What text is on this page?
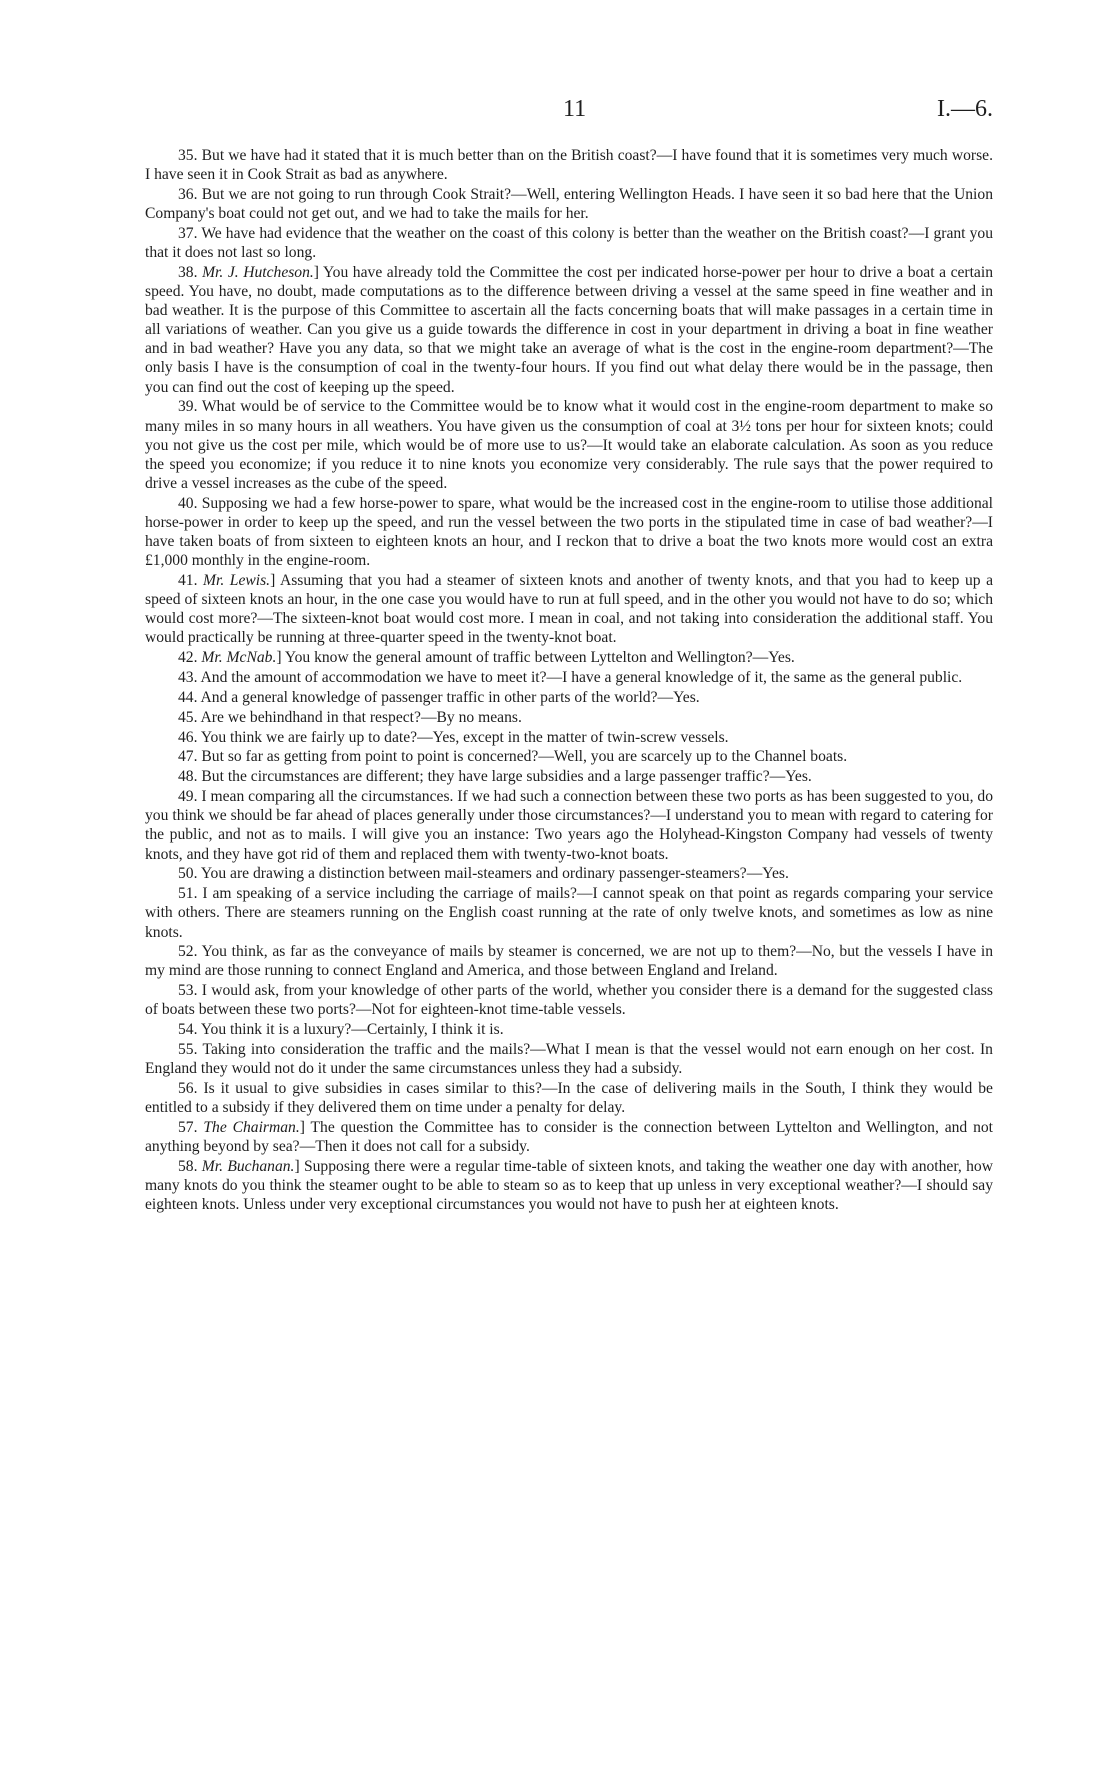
11	I.—6.

35. But we have had it stated that it is much better than on the British coast?—I have found that it is sometimes very much worse. I have seen it in Cook Strait as bad as anywhere.

36. But we are not going to run through Cook Strait?—Well, entering Wellington Heads. I have seen it so bad here that the Union Company's boat could not get out, and we had to take the mails for her.

37. We have had evidence that the weather on the coast of this colony is better than the weather on the British coast?—I grant you that it does not last so long.

38. Mr. J. Hutcheson.] You have already told the Committee the cost per indicated horse-power per hour to drive a boat a certain speed. You have, no doubt, made computations as to the difference between driving a vessel at the same speed in fine weather and in bad weather. It is the purpose of this Committee to ascertain all the facts concerning boats that will make passages in a certain time in all variations of weather. Can you give us a guide towards the difference in cost in your department in driving a boat in fine weather and in bad weather? Have you any data, so that we might take an average of what is the cost in the engine-room department?—The only basis I have is the consumption of coal in the twenty-four hours. If you find out what delay there would be in the passage, then you can find out the cost of keeping up the speed.

39. What would be of service to the Committee would be to know what it would cost in the engine-room department to make so many miles in so many hours in all weathers. You have given us the consumption of coal at 3½ tons per hour for sixteen knots; could you not give us the cost per mile, which would be of more use to us?—It would take an elaborate calculation. As soon as you reduce the speed you economize; if you reduce it to nine knots you economize very considerably. The rule says that the power required to drive a vessel increases as the cube of the speed.

40. Supposing we had a few horse-power to spare, what would be the increased cost in the engine-room to utilise those additional horse-power in order to keep up the speed, and run the vessel between the two ports in the stipulated time in case of bad weather?—I have taken boats of from sixteen to eighteen knots an hour, and I reckon that to drive a boat the two knots more would cost an extra £1,000 monthly in the engine-room.

41. Mr. Lewis.] Assuming that you had a steamer of sixteen knots and another of twenty knots, and that you had to keep up a speed of sixteen knots an hour, in the one case you would have to run at full speed, and in the other you would not have to do so; which would cost more?—The sixteen-knot boat would cost more. I mean in coal, and not taking into consideration the additional staff. You would practically be running at three-quarter speed in the twenty-knot boat.

42. Mr. McNab.] You know the general amount of traffic between Lyttelton and Wellington?—Yes.

43. And the amount of accommodation we have to meet it?—I have a general knowledge of it, the same as the general public.

44. And a general knowledge of passenger traffic in other parts of the world?—Yes.

45. Are we behindhand in that respect?—By no means.

46. You think we are fairly up to date?—Yes, except in the matter of twin-screw vessels.

47. But so far as getting from point to point is concerned?—Well, you are scarcely up to the Channel boats.

48. But the circumstances are different; they have large subsidies and a large passenger traffic?—Yes.

49. I mean comparing all the circumstances. If we had such a connection between these two ports as has been suggested to you, do you think we should be far ahead of places generally under those circumstances?—I understand you to mean with regard to catering for the public, and not as to mails. I will give you an instance: Two years ago the Holyhead-Kingston Company had vessels of twenty knots, and they have got rid of them and replaced them with twenty-two-knot boats.

50. You are drawing a distinction between mail-steamers and ordinary passenger-steamers?—Yes.

51. I am speaking of a service including the carriage of mails?—I cannot speak on that point as regards comparing your service with others. There are steamers running on the English coast running at the rate of only twelve knots, and sometimes as low as nine knots.

52. You think, as far as the conveyance of mails by steamer is concerned, we are not up to them?—No, but the vessels I have in my mind are those running to connect England and America, and those between England and Ireland.

53. I would ask, from your knowledge of other parts of the world, whether you consider there is a demand for the suggested class of boats between these two ports?—Not for eighteen-knot time-table vessels.

54. You think it is a luxury?—Certainly, I think it is.

55. Taking into consideration the traffic and the mails?—What I mean is that the vessel would not earn enough on her cost. In England they would not do it under the same circumstances unless they had a subsidy.

56. Is it usual to give subsidies in cases similar to this?—In the case of delivering mails in the South, I think they would be entitled to a subsidy if they delivered them on time under a penalty for delay.

57. The Chairman.] The question the Committee has to consider is the connection between Lyttelton and Wellington, and not anything beyond by sea?—Then it does not call for a subsidy.

58. Mr. Buchanan.] Supposing there were a regular time-table of sixteen knots, and taking the weather one day with another, how many knots do you think the steamer ought to be able to steam so as to keep that up unless in very exceptional weather?—I should say eighteen knots. Unless under very exceptional circumstances you would not have to push her at eighteen knots.
